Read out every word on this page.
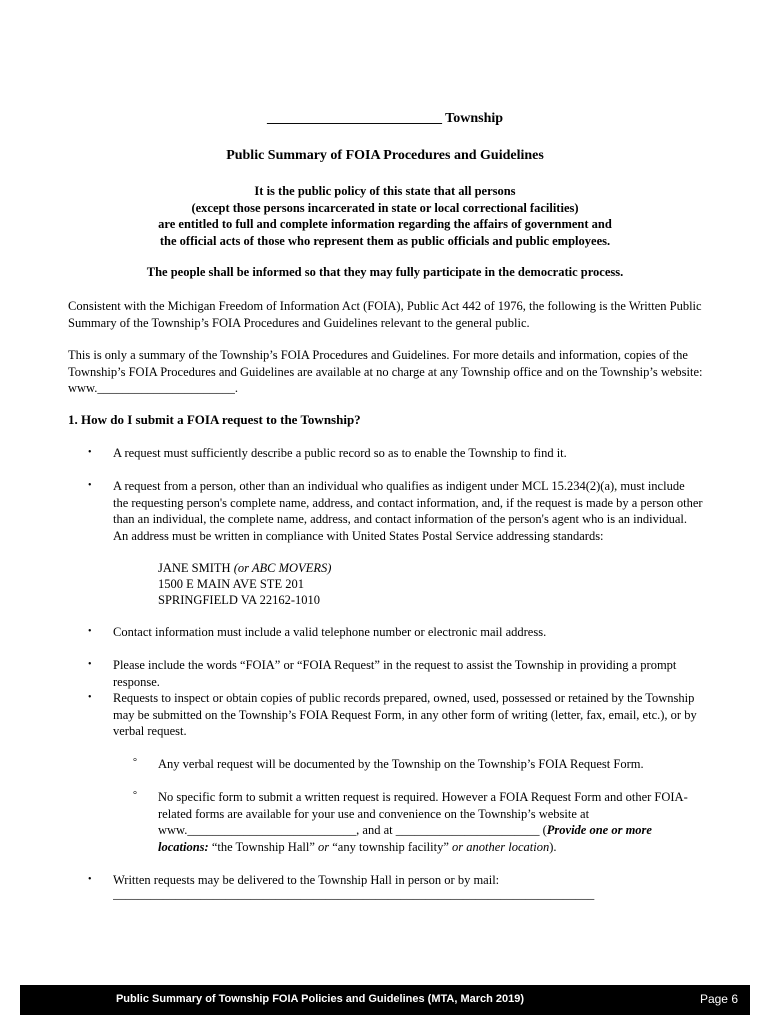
_________________________ Township
Public Summary of FOIA Procedures and Guidelines
It is the public policy of this state that all persons
(except those persons incarcerated in state or local correctional facilities)
are entitled to full and complete information regarding the affairs of government and
the official acts of those who represent them as public officials and public employees.
The people shall be informed so that they may fully participate in the democratic process.
Consistent with the Michigan Freedom of Information Act (FOIA), Public Act 442 of 1976, the following is the Written Public Summary of the Township’s FOIA Procedures and Guidelines relevant to the general public.
This is only a summary of the Township’s FOIA Procedures and Guidelines. For more details and information, copies of the Township’s FOIA Procedures and Guidelines are available at no charge at any Township office and on the Township’s website: www.______________________.
1. How do I submit a FOIA request to the Township?
• A request must sufficiently describe a public record so as to enable the Township to find it.
• A request from a person, other than an individual who qualifies as indigent under MCL 15.234(2)(a), must include the requesting person's complete name, address, and contact information, and, if the request is made by a person other than an individual, the complete name, address, and contact information of the person's agent who is an individual. An address must be written in compliance with United States Postal Service addressing standards:
JANE SMITH (or ABC MOVERS)
1500 E MAIN AVE STE 201
SPRINGFIELD VA 22162-1010
• Contact information must include a valid telephone number or electronic mail address.
• Please include the words “FOIA” or “FOIA Request” in the request to assist the Township in providing a prompt response.
• Requests to inspect or obtain copies of public records prepared, owned, used, possessed or retained by the Township may be submitted on the Township’s FOIA Request Form, in any other form of writing (letter, fax, email, etc.), or by verbal request.
° Any verbal request will be documented by the Township on the Township’s FOIA Request Form.
° No specific form to submit a written request is required. However a FOIA Request Form and other FOIA-related forms are available for your use and convenience on the Township’s website at www.___________________________, and at _______________________ (Provide one or more locations: “the Township Hall” or “any township facility” or another location).
• Written requests may be delivered to the Township Hall in person or by mail:
_____________________________________________________________________________
Public Summary of Township FOIA Policies and Guidelines (MTA, March 2019)	Page 6
